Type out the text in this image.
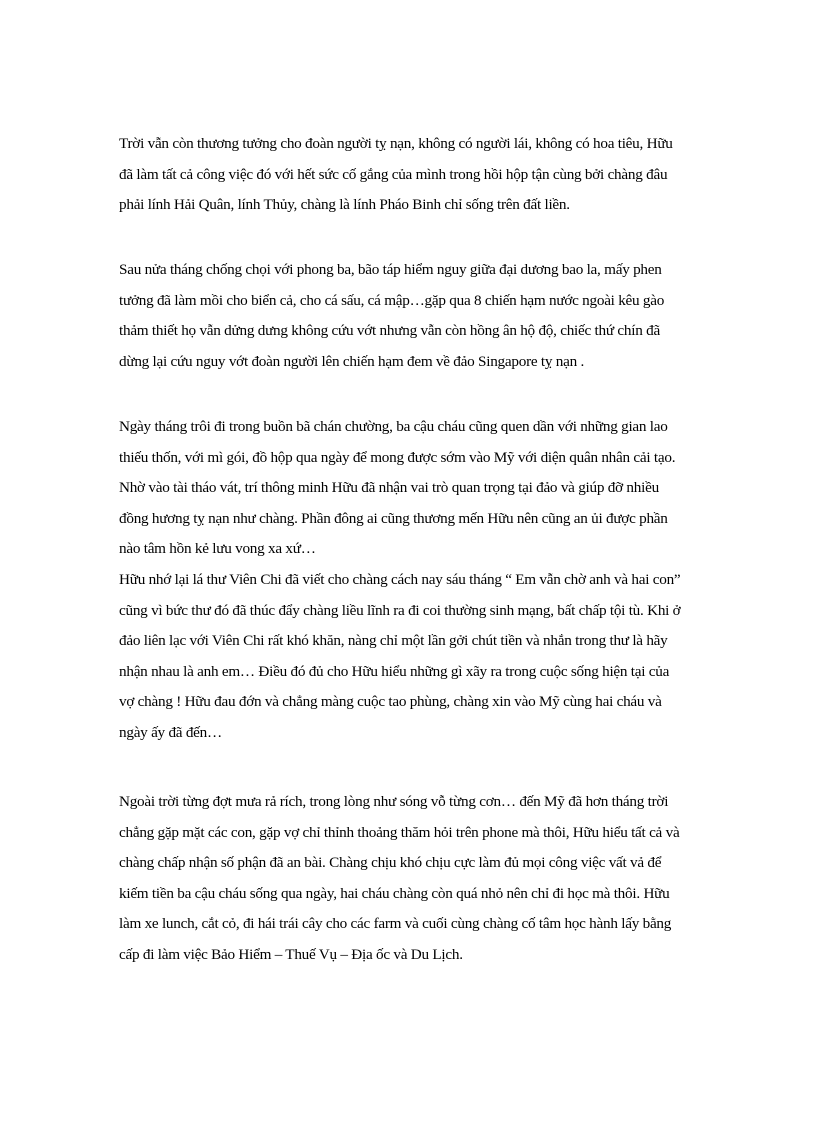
Trời vẫn còn thương tưởng cho đoàn người tỵ nạn, không có người lái, không có hoa tiêu, Hữu
đã làm tất cả công việc đó với hết sức cố gắng của mình trong hồi hộp tận cùng bởi chàng đâu
phải lính Hải Quân, lính Thủy, chàng là lính Pháo Binh chỉ sống trên đất liền.
Sau nửa tháng chống chọi với phong ba, bão táp hiểm nguy giữa đại dương bao la, mấy phen
tưởng đã làm mồi cho biển cả, cho cá sấu, cá mập…gặp qua 8 chiến hạm nước ngoài kêu gào
thảm thiết họ vẫn dửng dưng không cứu vớt nhưng vẫn còn hồng ân hộ độ, chiếc thứ chín đã
dừng lại cứu nguy vớt đoàn người lên chiến hạm đem về đảo Singapore tỵ nạn .
Ngày tháng trôi đi trong buồn bã chán chường, ba cậu cháu cũng quen dần với những gian lao
thiếu thốn, với mì gói, đồ hộp qua ngày để mong được sớm vào Mỹ với diện quân nhân cải tạo.
Nhờ vào tài tháo vát, trí thông minh Hữu đã nhận vai trò quan trọng tại đảo và giúp đỡ nhiều
đồng hương tỵ nạn như chàng. Phần đông ai cũng thương mến Hữu nên cũng an ủi được phần
nào tâm hồn kẻ lưu vong xa xứ…
Hữu nhớ lại lá thư Viên Chi đã viết cho chàng cách nay sáu tháng “ Em vẫn chờ anh và hai con”
cũng vì bức thư đó đã thúc đẩy chàng liều lĩnh ra đi coi thường sinh mạng, bất chấp tội tù. Khi ở
đảo liên lạc với Viên Chi rất khó khăn, nàng chỉ một lần gởi chút tiền và nhắn trong thư là hãy
nhận nhau là anh em… Điều đó đủ cho Hữu hiểu những gì xãy ra trong cuộc sống hiện tại của
vợ chàng ! Hữu đau đớn và chẳng màng cuộc tao phùng, chàng xin vào Mỹ cùng hai cháu và
ngày ấy đã đến…
Ngoài trời từng đợt mưa rả rích, trong lòng như sóng vỗ từng cơn… đến Mỹ đã hơn tháng trời
chẳng gặp mặt các con, gặp vợ chỉ thỉnh thoảng thăm hỏi trên phone mà thôi, Hữu hiểu tất cả và
chàng chấp nhận số phận đã an bài. Chàng chịu khó chịu cực làm đủ mọi công việc vất vả để
kiếm tiền ba cậu cháu sống qua ngày, hai cháu chàng còn quá nhỏ nên chỉ đi học mà thôi. Hữu
làm xe lunch, cắt cỏ, đi hái trái cây cho các farm và cuối cùng chàng cố tâm học hành lấy bằng
cấp đi làm việc Bảo Hiểm – Thuế Vụ – Địa ốc và Du Lịch.
